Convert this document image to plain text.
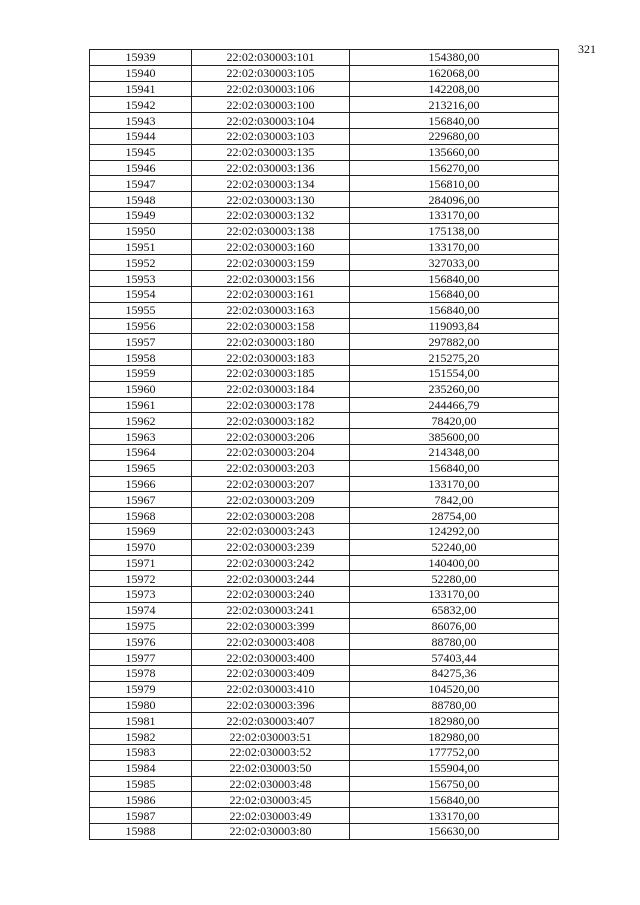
321
15939	22:02:030003:101	154380,00
15940	22:02:030003:105	162068,00
15941	22:02:030003:106	142208,00
15942	22:02:030003:100	213216,00
15943	22:02:030003:104	156840,00
15944	22:02:030003:103	229680,00
15945	22:02:030003:135	135660,00
15946	22:02:030003:136	156270,00
15947	22:02:030003:134	156810,00
15948	22:02:030003:130	284096,00
15949	22:02:030003:132	133170,00
15950	22:02:030003:138	175138,00
15951	22:02:030003:160	133170,00
15952	22:02:030003:159	327033,00
15953	22:02:030003:156	156840,00
15954	22:02:030003:161	156840,00
15955	22:02:030003:163	156840,00
15956	22:02:030003:158	119093,84
15957	22:02:030003:180	297882,00
15958	22:02:030003:183	215275,20
15959	22:02:030003:185	151554,00
15960	22:02:030003:184	235260,00
15961	22:02:030003:178	244466,79
15962	22:02:030003:182	78420,00
15963	22:02:030003:206	385600,00
15964	22:02:030003:204	214348,00
15965	22:02:030003:203	156840,00
15966	22:02:030003:207	133170,00
15967	22:02:030003:209	7842,00
15968	22:02:030003:208	28754,00
15969	22:02:030003:243	124292,00
15970	22:02:030003:239	52240,00
15971	22:02:030003:242	140400,00
15972	22:02:030003:244	52280,00
15973	22:02:030003:240	133170,00
15974	22:02:030003:241	65832,00
15975	22:02:030003:399	86076,00
15976	22:02:030003:408	88780,00
15977	22:02:030003:400	57403,44
15978	22:02:030003:409	84275,36
15979	22:02:030003:410	104520,00
15980	22:02:030003:396	88780,00
15981	22:02:030003:407	182980,00
15982	22:02:030003:51	182980,00
15983	22:02:030003:52	177752,00
15984	22:02:030003:50	155904,00
15985	22:02:030003:48	156750,00
15986	22:02:030003:45	156840,00
15987	22:02:030003:49	133170,00
15988	22:02:030003:80	156630,00
